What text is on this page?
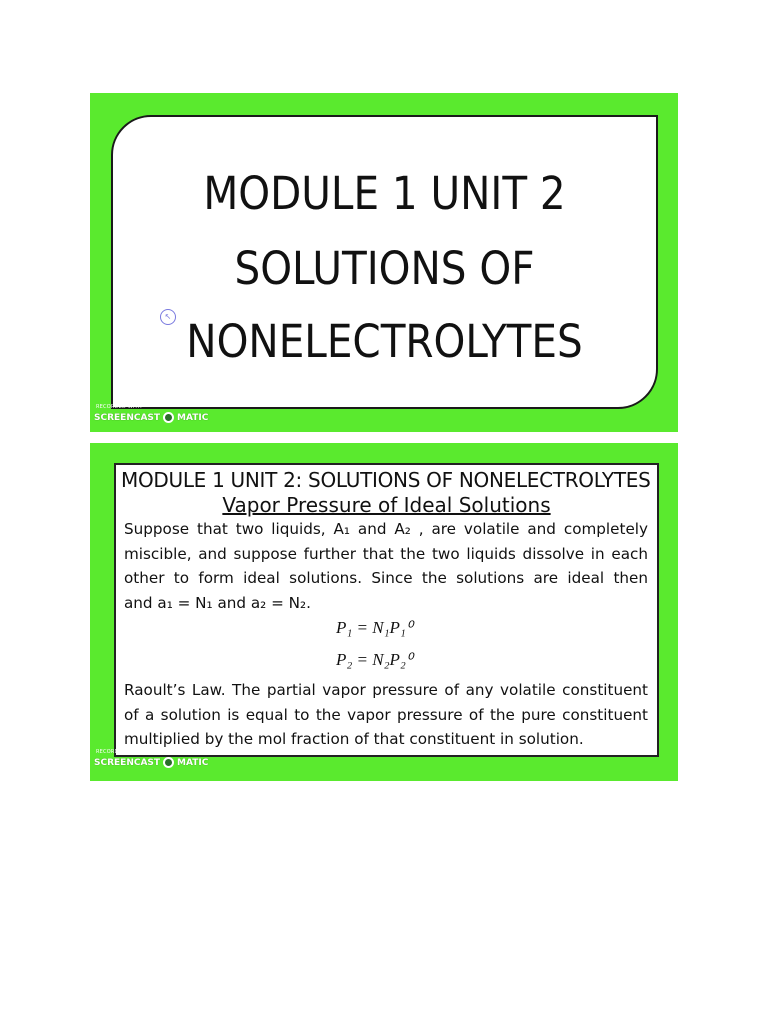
MODULE 1 UNIT 2
SOLUTIONS OF
NONELECTROLYTES
↖
RECORDED WITH
SCREENCAST MATIC
MODULE 1 UNIT 2: SOLUTIONS OF NONELECTROLYTES
Vapor Pressure of Ideal Solutions
Suppose that two liquids, A₁ and A₂ , are volatile and completely
miscible, and suppose further that the two liquids dissolve in each
other to form ideal solutions. Since the solutions are ideal then
and a₁ = N₁ and a₂ = N₂.
P₁ = N₁P₁⁰
P₂ = N₂P₂⁰
Raoult’s Law. The partial vapor pressure of any volatile constituent
of a solution is equal to the vapor pressure of the pure constituent
multiplied by the mol fraction of that constituent in solution.
RECORDED WITH
SCREENCAST MATIC
